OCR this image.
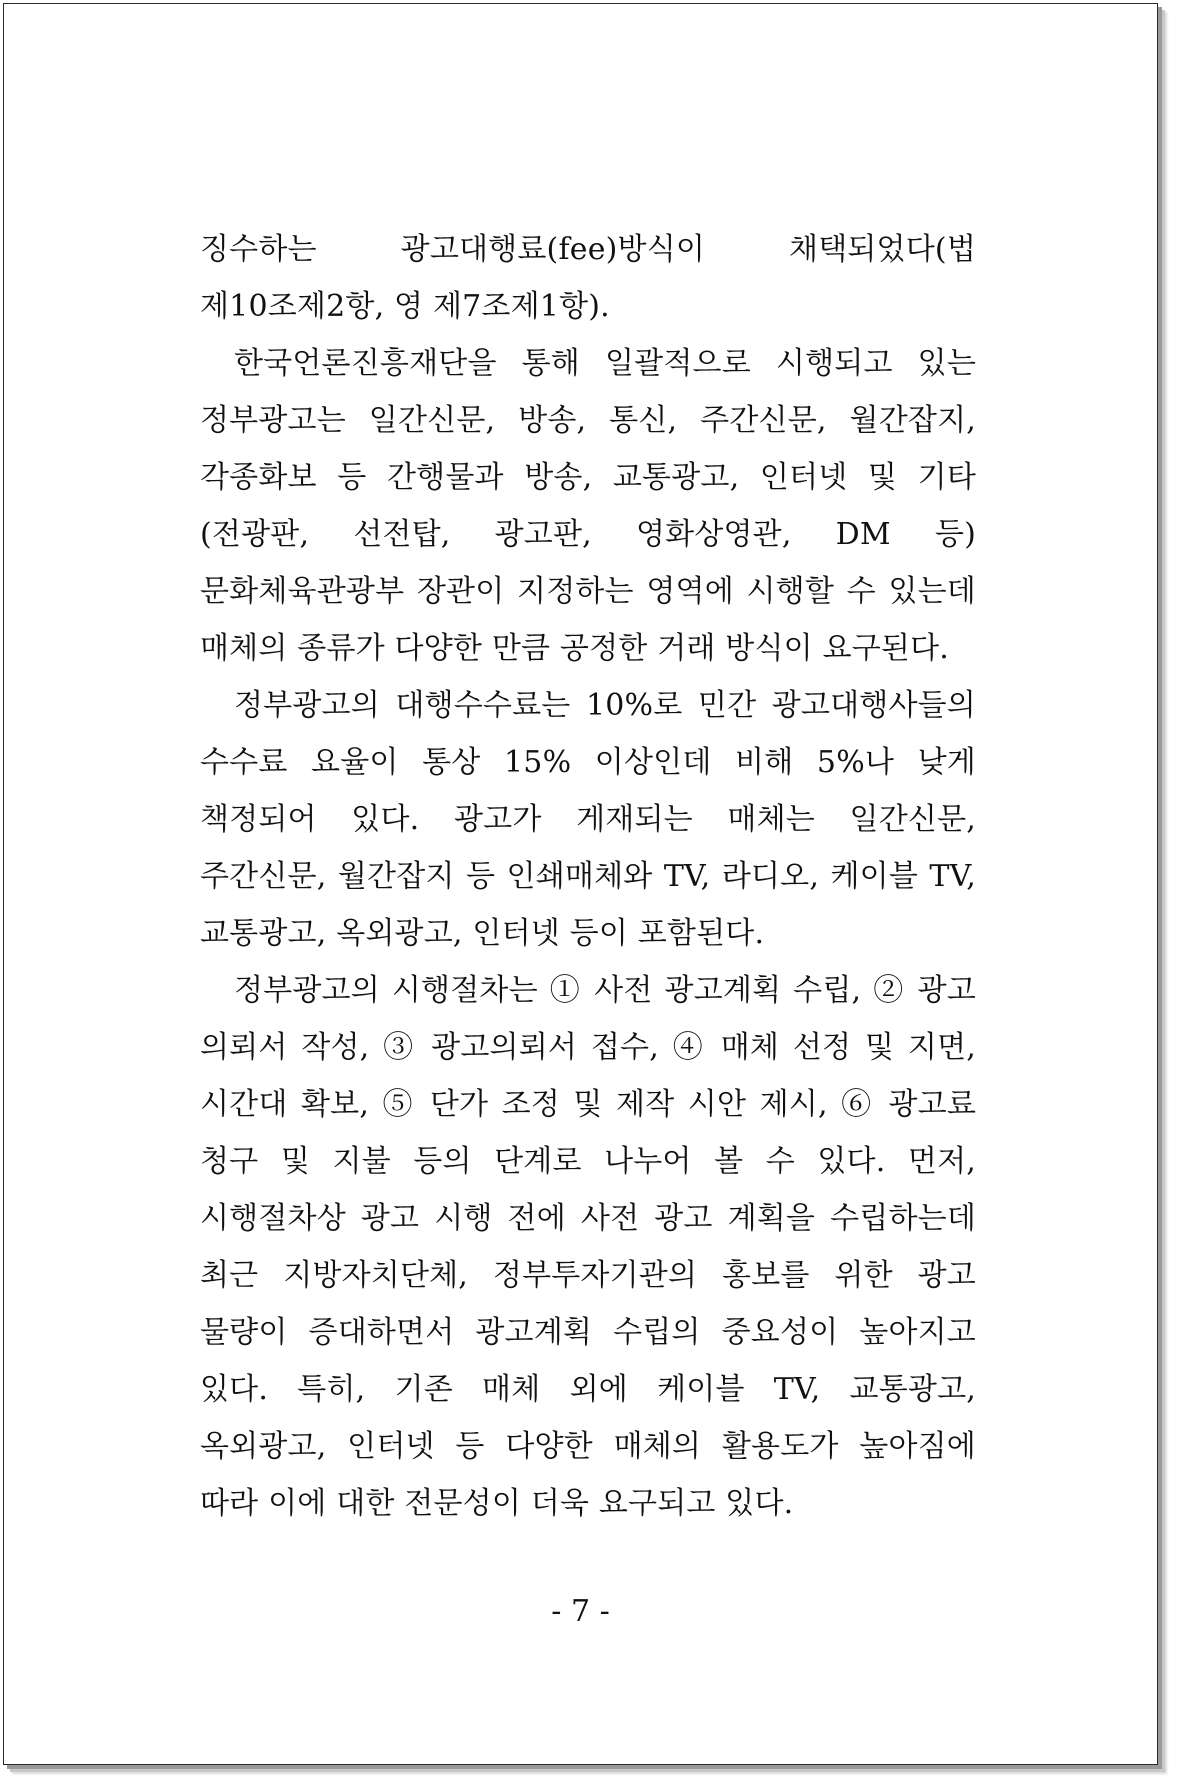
징수하는 광고대행료(fee)방식이 채택되었다(법 제10조제2항, 영 제7조제1항).

한국언론진흥재단을 통해 일괄적으로 시행되고 있는 정부광고는 일간신문, 방송, 통신, 주간신문, 월간잡지, 각종화보 등 간행물과 방송, 교통광고, 인터넷 및 기타(전광판, 선전탑, 광고판, 영화상영관, DM 등) 문화체육관광부 장관이 지정하는 영역에 시행할 수 있는데 매체의 종류가 다양한 만큼 공정한 거래 방식이 요구된다.

정부광고의 대행수수료는 10%로 민간 광고대행사들의 수수료 요율이 통상 15% 이상인데 비해 5%나 낮게 책정되어 있다. 광고가 게재되는 매체는 일간신문, 주간신문, 월간잡지 등 인쇄매체와 TV, 라디오, 케이블 TV, 교통광고, 옥외광고, 인터넷 등이 포함된다.

정부광고의 시행절차는 ① 사전 광고계획 수립, ② 광고 의뢰서 작성, ③ 광고의뢰서 접수, ④ 매체 선정 및 지면, 시간대 확보, ⑤ 단가 조정 및 제작 시안 제시, ⑥ 광고료 청구 및 지불 등의 단계로 나누어 볼 수 있다. 먼저, 시행절차상 광고 시행 전에 사전 광고 계획을 수립하는데 최근 지방자치단체, 정부투자기관의 홍보를 위한 광고 물량이 증대하면서 광고계획 수립의 중요성이 높아지고 있다. 특히, 기존 매체 외에 케이블 TV, 교통광고, 옥외광고, 인터넷 등 다양한 매체의 활용도가 높아짐에 따라 이에 대한 전문성이 더욱 요구되고 있다.

- 7 -
